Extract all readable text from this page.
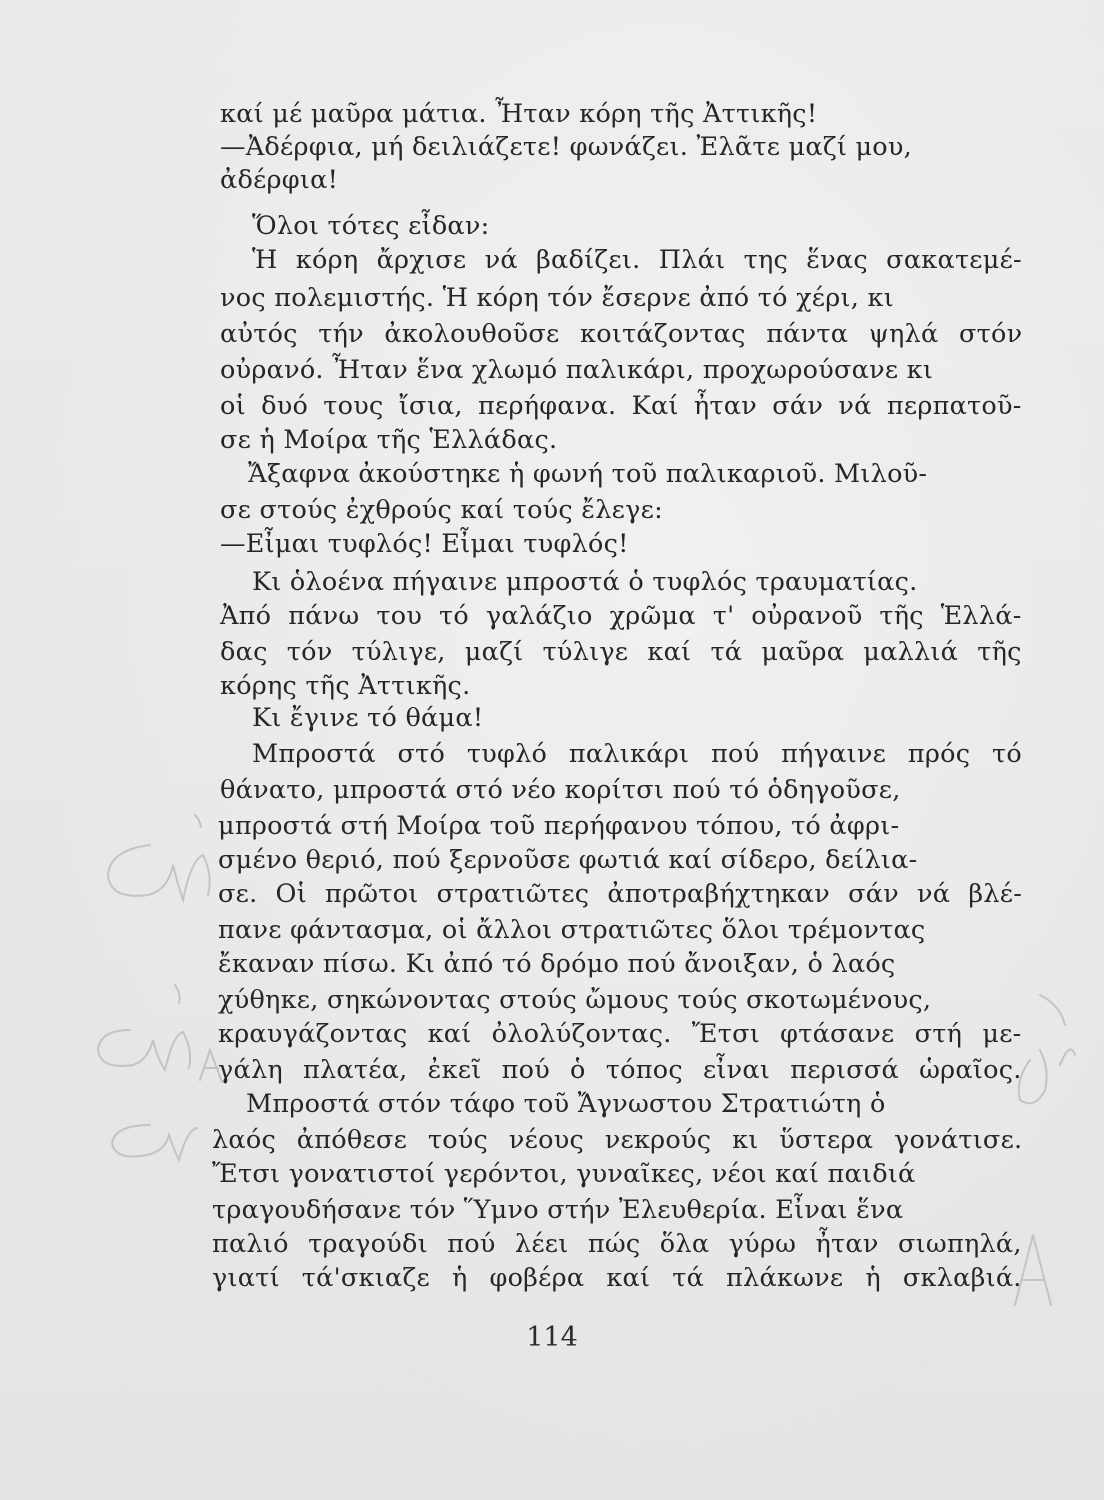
καί μέ μαῦρα μάτια. Ἦταν κόρη τῆς Ἀττικῆς!
—Ἀδέρφια, μή δειλιάζετε! φωνάζει. Ἐλᾶτε μαζί μου,
ἀδέρφια!
Ὅλοι τότες εἶδαν:
Ἡ κόρη ἄρχισε νά βαδίζει. Πλάι της ἕνας σακατεμέ-
νος πολεμιστής. Ἡ κόρη τόν ἔσερνε ἀπό τό χέρι, κι
αὐτός τήν ἀκολουθοῦσε κοιτάζοντας πάντα ψηλά στόν
οὐρανό. Ἦταν ἕνα χλωμό παλικάρι, προχωρούσανε κι
οἱ δυό τους ἴσια, περήφανα. Καί ἦταν σάν νά περπατοῦ-
σε ἡ Μοίρα τῆς Ἑλλάδας.
Ἄξαφνα ἀκούστηκε ἡ φωνή τοῦ παλικαριοῦ. Μιλοῦ-
σε στούς ἐχθρούς καί τούς ἔλεγε:
—Εἶμαι τυφλός! Εἶμαι τυφλός!
Κι ὁλοένα πήγαινε μπροστά ὁ τυφλός τραυματίας.
Ἀπό πάνω του τό γαλάζιο χρῶμα τ' οὐρανοῦ τῆς Ἑλλά-
δας τόν τύλιγε, μαζί τύλιγε καί τά μαῦρα μαλλιά τῆς
κόρης τῆς Ἀττικῆς.
Κι ἔγινε τό θάμα!
Μπροστά στό τυφλό παλικάρι πού πήγαινε πρός τό
θάνατο, μπροστά στό νέο κορίτσι πού τό ὁδηγοῦσε,
μπροστά στή Μοίρα τοῦ περήφανου τόπου, τό ἀφρι-
σμένο θεριό, πού ξερνοῦσε φωτιά καί σίδερο, δείλια-
σε. Οἱ πρῶτοι στρατιῶτες ἀποτραβήχτηκαν σάν νά βλέ-
πανε φάντασμα, οἱ ἄλλοι στρατιῶτες ὅλοι τρέμοντας
ἔκαναν πίσω. Κι ἀπό τό δρόμο πού ἄνοιξαν, ὁ λαός
χύθηκε, σηκώνοντας στούς ὤμους τούς σκοτωμένους,
κραυγάζοντας καί ὀλολύζοντας. Ἔτσι φτάσανε στή με-
γάλη πλατέα, ἐκεῖ πού ὁ τόπος εἶναι περισσά ὡραῖος.
Μπροστά στόν τάφο τοῦ Ἄγνωστου Στρατιώτη ὁ
λαός ἀπόθεσε τούς νέους νεκρούς κι ὕστερα γονάτισε.
Ἔτσι γονατιστοί γερόντοι, γυναῖκες, νέοι καί παιδιά
τραγουδήσανε τόν Ὕμνο στήν Ἐλευθερία. Εἶναι ἕνα
παλιό τραγούδι πού λέει πώς ὅλα γύρω ἦταν σιωπηλά,
γιατί τά'σκιαζε ἡ φοβέρα καί τά πλάκωνε ἡ σκλαβιά.
114
